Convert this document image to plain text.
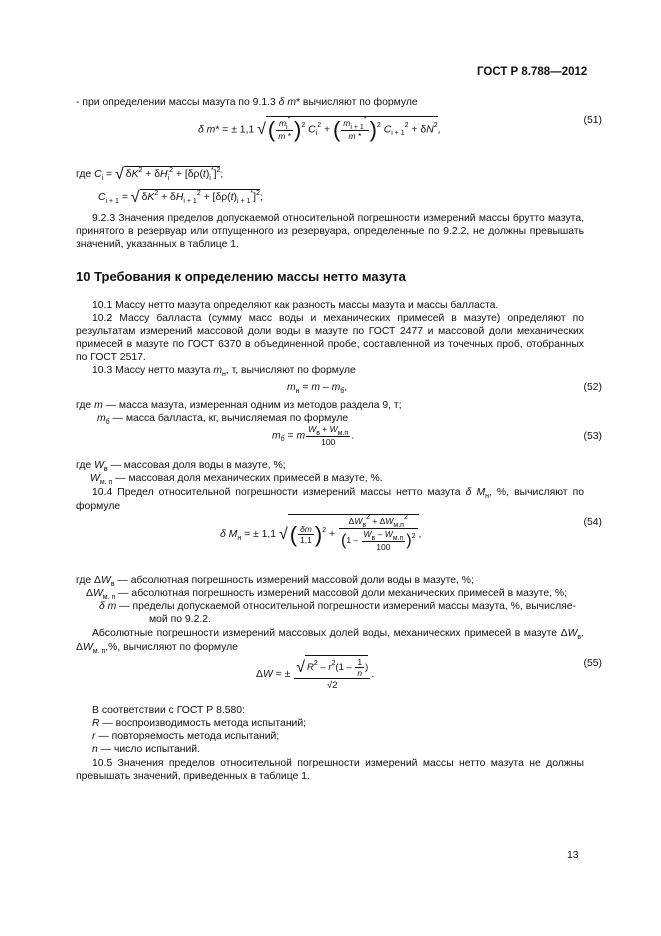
ГОСТ Р 8.788—2012
- при определении массы мазута по 9.1.3 δ m* вычисляют по формуле
δ m* = ± 1,1 √( $\frac{m_i^*}{m *} )^2$ $C_i^2$ + ( $\frac{m_{i + 1}^*}{m *} )^2$ $C_{i + 1}^2 + \delta N^2$,
(51)
где $C_i$ = √ $\delta K^2 + \delta H_i^2 + [\delta\rho(t)_i^*]^2$;
$C_{i + 1}$ = √ $\delta K^2 + \delta H_{i + 1}^2 + [\delta\rho(t)_{i + 1}^*]^2$;
9.2.3 Значения пределов допускаемой относительной погрешности измерений массы брутто мазута, принятого в резервуар или отпущенного из резервуара, определенные по 9.2.2, не должны превышать значений, указанных в таблице 1.
10 Требования к определению массы нетто мазута
10.1 Массу нетто мазута определяют как разность массы мазута и массы балласта.
10.2 Массу балласта (сумму масс воды и механических примесей в мазуте) определяют по результатам измерений массовой доли воды в мазуте по ГОСТ 2477 и массовой доли механических примесей в мазуте по ГОСТ 6370 в объединенной пробе, составленной из точечных проб, отобранных по ГОСТ 2517.
10.3 Массу нетто мазута $m_н$, т, вычисляют по формуле
$m_н = m - m_б$,	(52)
где m — масса мазута, измеренная одним из методов раздела 9, т;
$m_б$ — масса балласта, кг, вычисляемая по формуле
$m_б = m \frac{W_в + W_{м.п}}{100}$ .	(53)
где $W_в$ — массовая доля воды в мазуте, %;
$W_{м. п}$ — массовая доля механических примесей в мазуте, %.
10.4 Предел относительной погрешности измерений массы нетто мазута δ $M_н$, %, вычисляют по формуле
δ $M_н$ = ± 1,1 √( $\frac{\delta m}{1,1} )^2 + \frac{\Delta W_в^2 + \Delta W_{м.п}^2}{(1 - \frac{W_в - W_{м.п}}{100} )^2}$ ,
(54)
где $\Delta W_в$ — абсолютная погрешность измерений массовой доли воды в мазуте, %;
$\Delta W_{м. п}$ — абсолютная погрешность измерений массовой доли механических примесей в мазуте, %;
δ m — пределы допускаемой относительной погрешности измерений массы мазута, %, вычисляе-
мой по 9.2.2.
Абсолютные погрешности измерений массовых долей воды, механических примесей в мазуте $\Delta W_в$, $\Delta W_{м. п},\%$, вычисляют по формуле
ΔW = ± $\frac{√ R^2 - r^2(1 - \frac{1}{n} )}{√2}$ .
(55)
В соответствии с ГОСТ Р 8.580:
R — воспроизводимость метода испытаний;
r — повторяемость метода испытаний;
n — число испытаний.
10.5 Значения пределов относительной погрешности измерений массы нетто мазута не должны превышать значений, приведенных в таблице 1.
13
